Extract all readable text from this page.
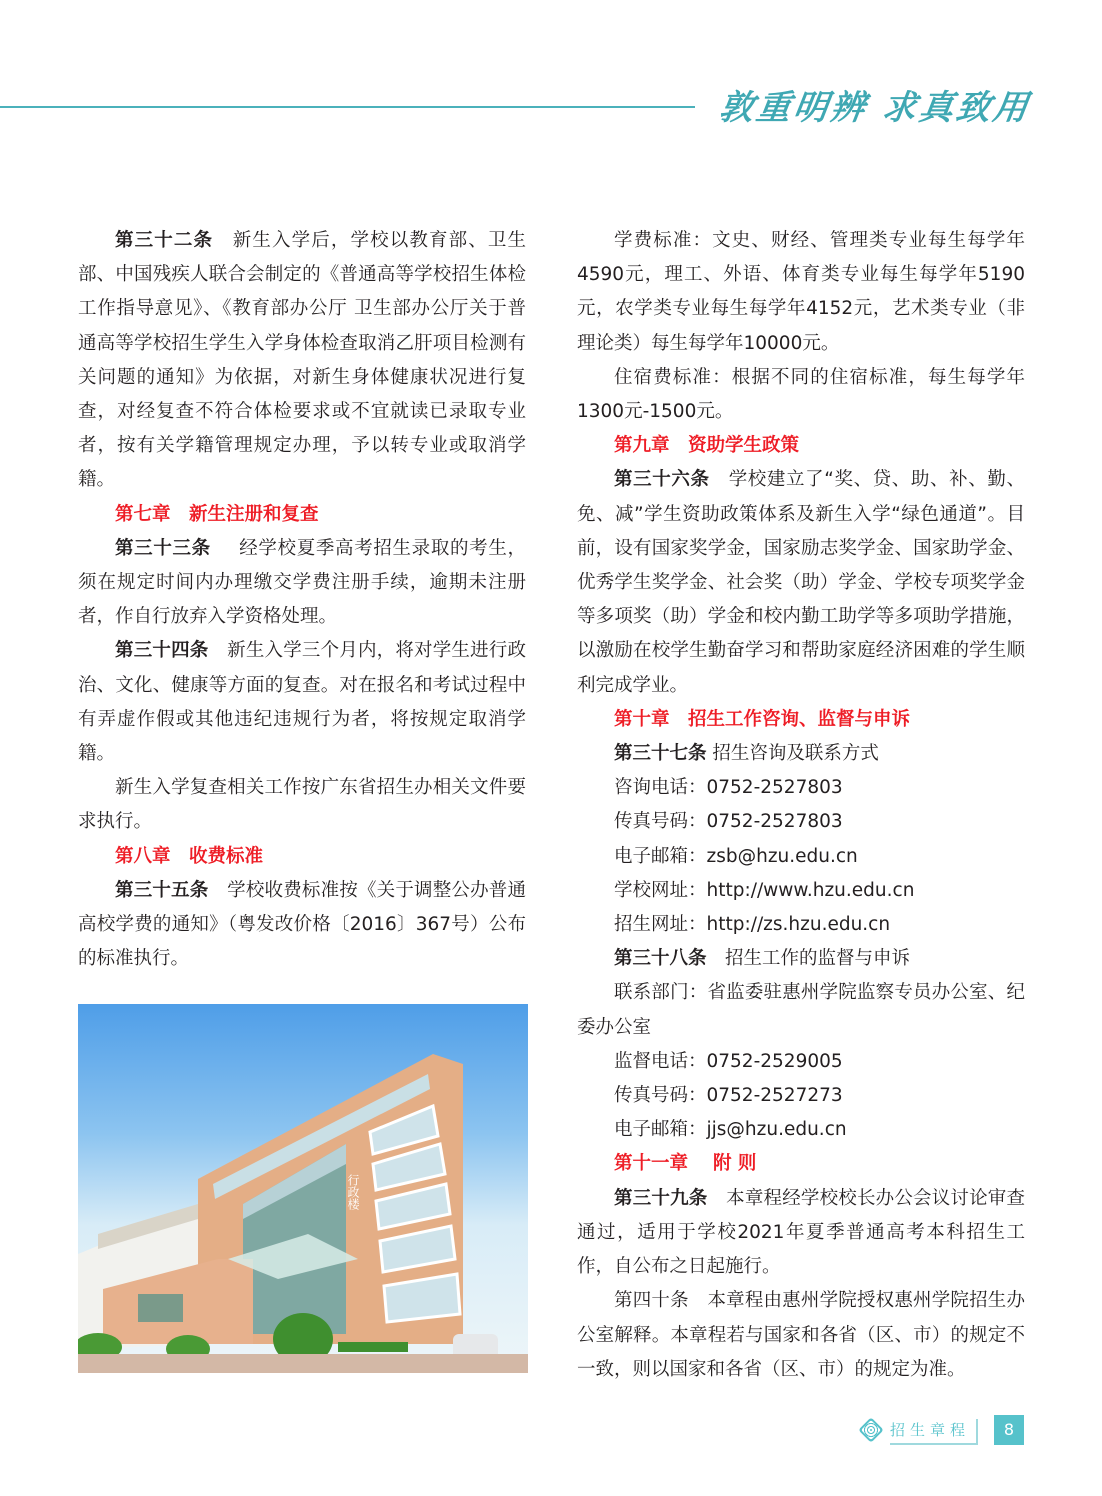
敦重明辨 求真致用

第三十二条  新生入学后，学校以教育部、卫生部、中国残疾人联合会制定的《普通高等学校招生体检工作指导意见》、《教育部办公厅 卫生部办公厅关于普通高等学校招生学生入学身体检查取消乙肝项目检测有关问题的通知》为依据，对新生身体健康状况进行复查，对经复查不符合体检要求或不宜就读已录取专业者，按有关学籍管理规定办理，予以转专业或取消学籍。

第七章　新生注册和复查

第三十三条   经学校夏季高考招生录取的考生，须在规定时间内办理缴交学费注册手续，逾期未注册者，作自行放弃入学资格处理。

第三十四条  新生入学三个月内，将对学生进行政治、文化、健康等方面的复查。对在报名和考试过程中有弄虚作假或其他违纪违规行为者，将按规定取消学籍。

新生入学复查相关工作按广东省招生办相关文件要求执行。

第八章　收费标准

第三十五条  学校收费标准按《关于调整公办普通高校学费的通知》（粤发改价格〔2016〕367号）公布的标准执行。

行政楼

学费标准：文史、财经、管理类专业每生每学年4590元，理工、外语、体育类专业每生每学年5190元，农学类专业每生每学年4152元，艺术类专业（非理论类）每生每学年10000元。

住宿费标准：根据不同的住宿标准，每生每学年1300元-1500元。

第九章　资助学生政策

第三十六条  学校建立了“奖、贷、助、补、勤、免、减”学生资助政策体系及新生入学“绿色通道”。目前，设有国家奖学金，国家励志奖学金、国家助学金、优秀学生奖学金、社会奖（助）学金、学校专项奖学金等多项奖（助）学金和校内勤工助学等多项助学措施，以激励在校学生勤奋学习和帮助家庭经济困难的学生顺利完成学业。

第十章　招生工作咨询、监督与申诉

第三十七条 招生咨询及联系方式

咨询电话：0752-2527803

传真号码：0752-2527803

电子邮箱：zsb@hzu.edu.cn

学校网址：http://www.hzu.edu.cn

招生网址：http://zs.hzu.edu.cn

第三十八条  招生工作的监督与申诉

联系部门：省监委驻惠州学院监察专员办公室、纪委办公室

监督电话：0752-2529005

传真号码：0752-2527273

电子邮箱：jjs@hzu.edu.cn

第十一章　 附 则

第三十九条  本章程经学校校长办公会议讨论审查通过，适用于学校2021年夏季普通高考本科招生工作，自公布之日起施行。

第四十条　本章程由惠州学院授权惠州学院招生办公室解释。本章程若与国家和各省（区、市）的规定不一致，则以国家和各省（区、市）的规定为准。

招生章程	8
